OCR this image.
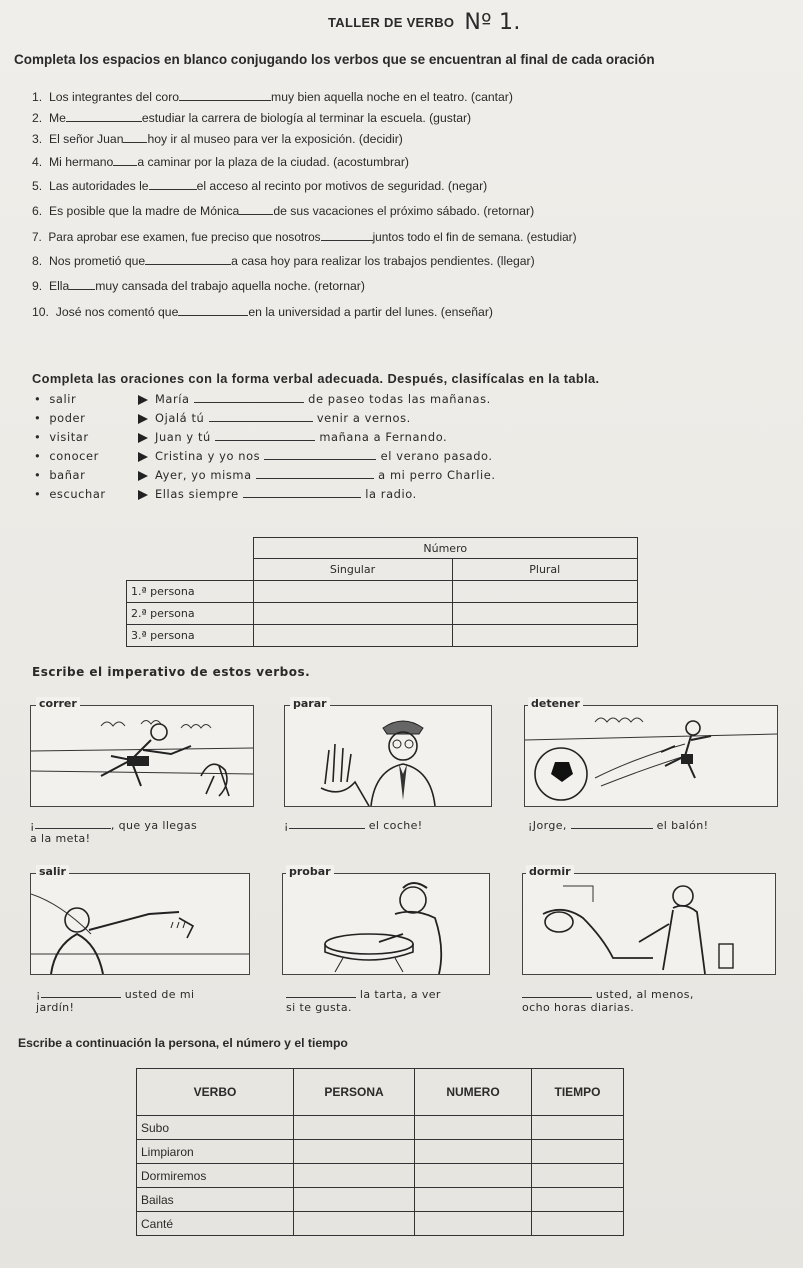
TALLER DE VERBO Nº 1.
Completa los espacios en blanco conjugando los verbos que se encuentran al final de cada oración
1. Los integrantes del coro	muy bien aquella noche en el teatro. (cantar)
2. Me	estudiar la carrera de biología al terminar la escuela. (gustar)
3. El señor Juan hoy ir al museo para ver la exposición. (decidir)
4. Mi hermano a caminar por la plaza de la ciudad. (acostumbrar)
5. Las autoridades le	el acceso al recinto por motivos de seguridad. (negar)
6. Es posible que la madre de Mónica	de sus vacaciones el próximo sábado. (retornar)
7. Para aprobar ese examen, fue preciso que nosotros	juntos todo el fin de semana. (estudiar)
8. Nos prometió que	a casa hoy para realizar los trabajos pendientes. (llegar)
9. Ella muy cansada del trabajo aquella noche. (retornar)
10. José nos comentó que	en la universidad a partir del lunes. (enseñar)
Completa las oraciones con la forma verbal adecuada. Después, clasifícalas en la tabla.
• salir	María	de paseo todas las mañanas.
• poder	Ojalá tú	venir a vernos.
• visitar	Juan y tú	mañana a Fernando.
• conocer	Cristina y yo nos	el verano pasado.
• bañar	Ayer, yo misma	a mi perro Charlie.
• escuchar	Ellas siempre	la radio.
	Número	
	Singular	Plural
1.ª persona		
2.ª persona		
3.ª persona		
Escribe el imperativo de estos verbos.
correr	parar	detener
¡	, que ya llegas
a la meta!
¡	el coche!	¡Jorge,	el balón!
salir	probar	dormir
¡	usted de mi
jardín!
la tarta, a ver
si te gusta.
usted, al menos,
ocho horas diarias.
Escribe a continuación la persona, el número y el tiempo
VERBO	PERSONA	NUMERO	TIEMPO
Subo			
Limpiaron			
Dormiremos			
Bailas			
Canté			
